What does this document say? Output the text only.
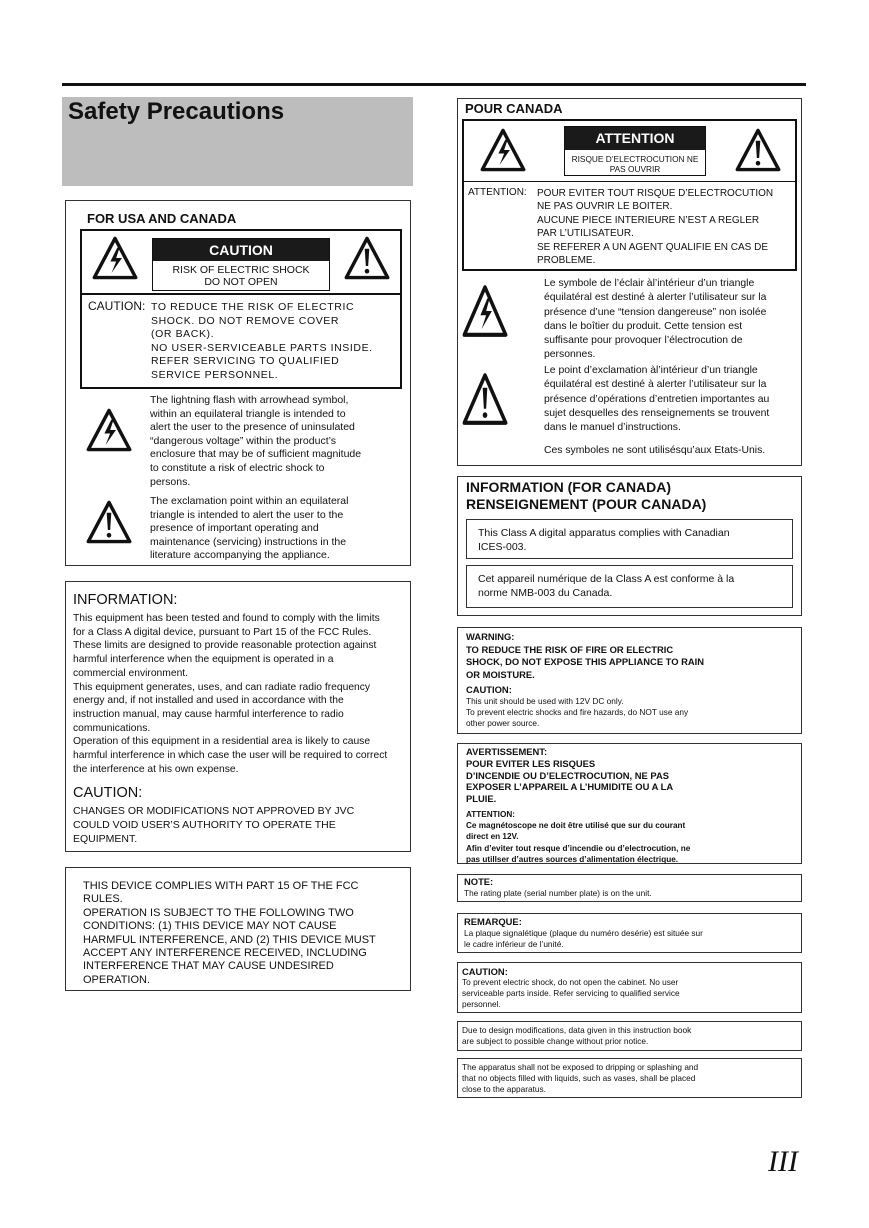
Safety Precautions
FOR USA AND CANADA
CAUTION
RISK OF ELECTRIC SHOCK
DO NOT OPEN
CAUTION: TO REDUCE THE RISK OF ELECTRIC
SHOCK. DO NOT REMOVE COVER
(OR BACK).
NO USER-SERVICEABLE PARTS INSIDE.
REFER SERVICING TO QUALIFIED
SERVICE PERSONNEL.
The lightning flash with arrowhead symbol,
within an equilateral triangle is intended to
alert the user to the presence of uninsulated
“dangerous voltage” within the product’s
enclosure that may be of sufficient magnitude
to constitute a risk of electric shock to
persons.
The exclamation point within an equilateral
triangle is intended to alert the user to the
presence of important operating and
maintenance (servicing) instructions in the
literature accompanying the appliance.
INFORMATION:
This equipment has been tested and found to comply with the limits
for a Class A digital device, pursuant to Part 15 of the FCC Rules.
These limits are designed to provide reasonable protection against
harmful interference when the equipment is operated in a
commercial environment.
This equipment generates, uses, and can radiate radio frequency
energy and, if not installed and used in accordance with the
instruction manual, may cause harmful interference to radio
communications.
Operation of this equipment in a residential area is likely to cause
harmful interference in which case the user will be required to correct
the interference at his own expense.
CAUTION:
CHANGES OR MODIFICATIONS NOT APPROVED BY JVC
COULD VOID USER’S AUTHORITY TO OPERATE THE
EQUIPMENT.
THIS DEVICE COMPLIES WITH PART 15 OF THE FCC
RULES.
OPERATION IS SUBJECT TO THE FOLLOWING TWO
CONDITIONS: (1) THIS DEVICE MAY NOT CAUSE
HARMFUL INTERFERENCE, AND (2) THIS DEVICE MUST
ACCEPT ANY INTERFERENCE RECEIVED, INCLUDING
INTERFERENCE THAT MAY CAUSE UNDESIRED
OPERATION.
POUR CANADA
ATTENTION
RISQUE D’ELECTROCUTION NE
PAS OUVRIR
ATTENTION: POUR EVITER TOUT RISQUE D’ELECTROCUTION
NE PAS OUVRIR LE BOITER.
AUCUNE PIECE INTERIEURE N’EST A REGLER
PAR L’UTILISATEUR.
SE REFERER A UN AGENT QUALIFIE EN CAS DE
PROBLEME.
Le symbole de l’éclair àl’intérieur d’un triangle
équilatéral est destiné à alerter l’utilisateur sur la
présence d’une “tension dangereuse” non isolée
dans le boîtier du produit. Cette tension est
suffisante pour provoquer l’électrocution de
personnes.
Le point d’exclamation àl’intérieur d’un triangle
équilatéral est destiné à alerter l’utilisateur sur la
présence d’opérations d’entretien importantes au
sujet desquelles des renseignements se trouvent
dans le manuel d’instructions.
Ces symboles ne sont utilisésqu’aux Etats-Unis.
INFORMATION (FOR CANADA)
RENSEIGNEMENT (POUR CANADA)
This Class A digital apparatus complies with Canadian
ICES-003.
Cet appareil numérique de la Class A est conforme à la
norme NMB-003 du Canada.
WARNING:
TO REDUCE THE RISK OF FIRE OR ELECTRIC
SHOCK, DO NOT EXPOSE THIS APPLIANCE TO RAIN
OR MOISTURE.
CAUTION:
This unit should be used with 12V DC only.
To prevent electric shocks and fire hazards, do NOT use any
other power source.
AVERTISSEMENT:
POUR EVITER LES RISQUES
D’INCENDIE OU D’ELECTROCUTION, NE PAS
EXPOSER L’APPAREIL A L’HUMIDITE OU A LA
PLUIE.
ATTENTION:
Ce magnétoscope ne doit être utilisé que sur du courant
direct en 12V.
Afin d’eviter tout resque d’incendie ou d’electrocution, ne
pas utillser d’autres sources d’alimentation électrique.
NOTE:
The rating plate (serial number plate) is on the unit.
REMARQUE:
La plaque signalétique (plaque du numéro desérie) est située sur
le cadre inférieur de l’unité.
CAUTION:
To prevent electric shock, do not open the cabinet. No user
serviceable parts inside. Refer servicing to qualified service
personnel.
Due to design modifications, data given in this instruction book
are subject to possible change without prior notice.
The apparatus shall not be exposed to dripping or splashing and
that no objects filled with liquids, such as vases, shall be placed
close to the apparatus.
III
